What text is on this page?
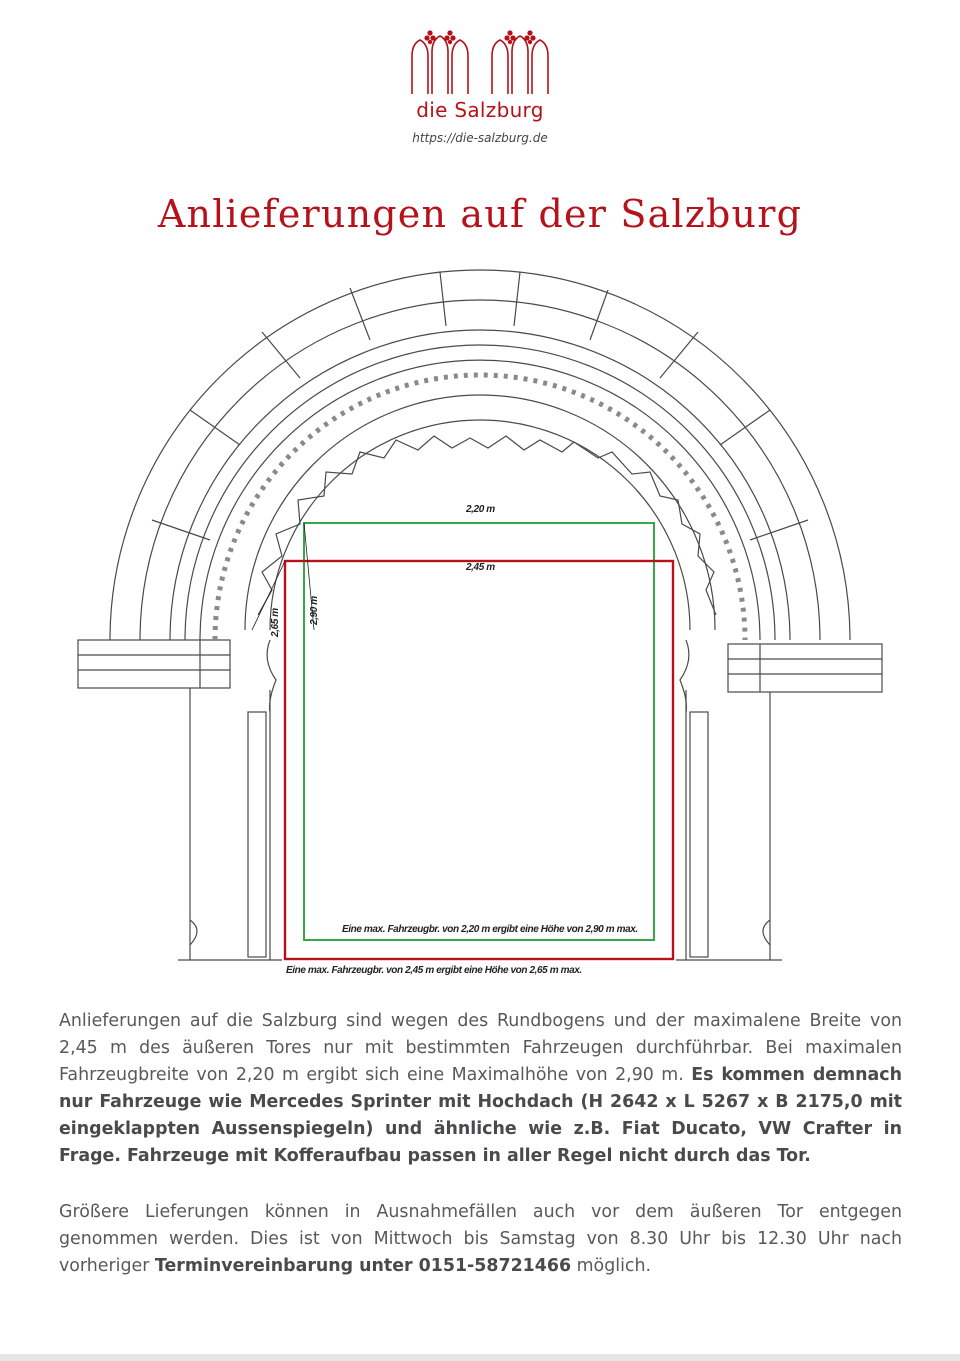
die Salzburg
https://die-salzburg.de
Anlieferungen auf der Salzburg
2,20 m
2,45 m
2,90 m
2,65 m
Eine max. Fahrzeugbr. von 2,20 m ergibt eine Höhe von 2,90 m max.
Eine max. Fahrzeugbr. von 2,45 m ergibt eine Höhe von 2,65 m max.

Anlieferungen auf die Salzburg sind wegen des Rundbogens und der maximalene Breite von 2,45 m des äußeren Tores nur mit bestimmten Fahrzeugen durchführbar. Bei maximalen Fahrzeugbreite von 2,20 m ergibt sich eine Maximalhöhe von 2,90 m. Es kommen demnach nur Fahrzeuge wie Mercedes Sprinter mit Hochdach (H 2642 x L 5267 x B 2175,0 mit eingeklappten Aussenspiegeln) und ähnliche wie z.B. Fiat Ducato, VW Crafter in Frage. Fahrzeuge mit Kofferaufbau passen in aller Regel nicht durch das Tor.

Größere Lieferungen können in Ausnahmefällen auch vor dem äußeren Tor entgegen genommen werden. Dies ist von Mittwoch bis Samstag von 8.30 Uhr bis 12.30 Uhr nach vorheriger Terminvereinbarung unter 0151-58721466 möglich.
